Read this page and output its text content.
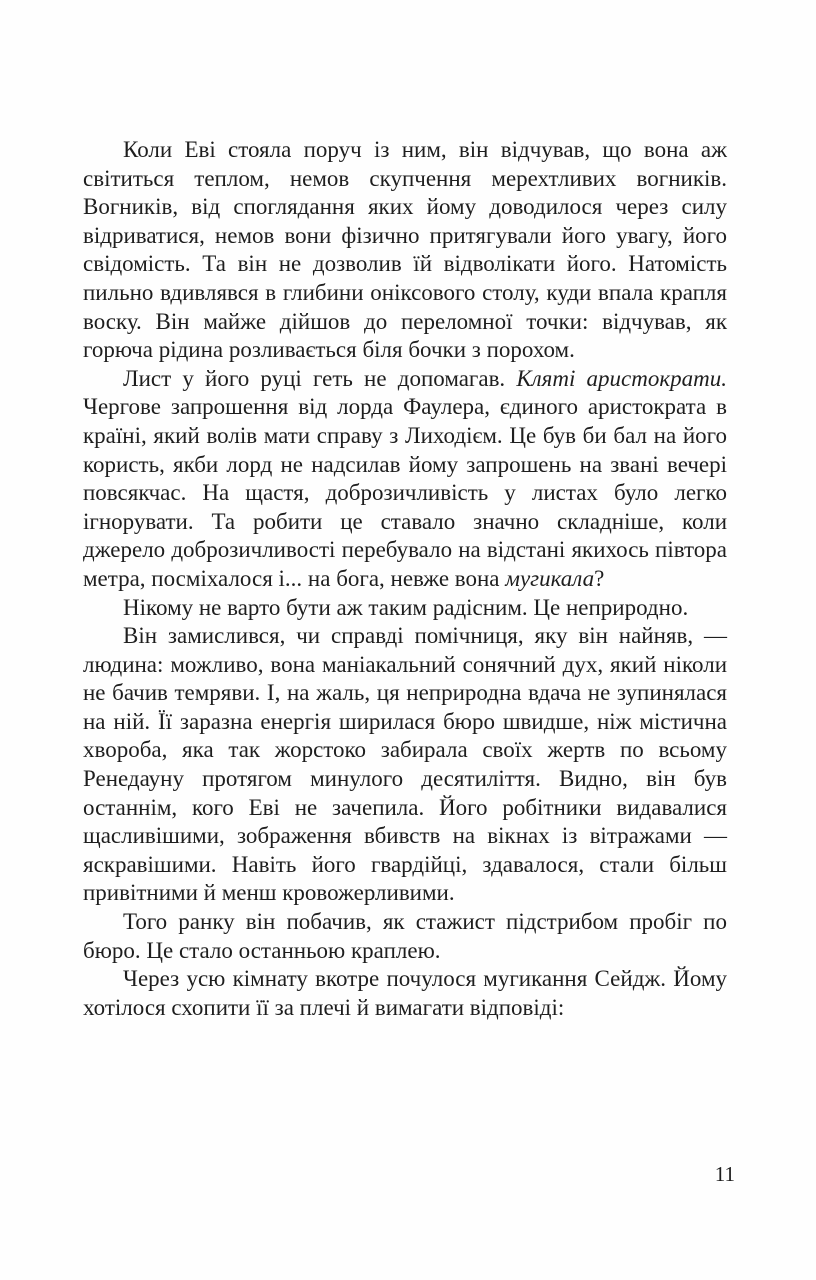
Коли Еві стояла поруч із ним, він відчував, що вона аж світиться теплом, немов скупчення мерехтливих вогників. Вогників, від споглядання яких йому доводилося через силу відриватися, немов вони фізично притягували його увагу, його свідомість. Та він не дозволив їй відволікати його. Натомість пильно вдивлявся в глибини оніксового столу, куди впала крапля воску. Він майже дійшов до переломної точки: відчував, як горюча рідина розливається біля бочки з порохом.

Лист у його руці геть не допомагав. Кляті аристократи. Чергове запрошення від лорда Фаулера, єдиного аристократа в країні, який волів мати справу з Лиходієм. Це був би бал на його користь, якби лорд не надсилав йому запрошень на звані вечері повсякчас. На щастя, доброзичливість у листах було легко ігнорувати. Та робити це ставало значно складніше, коли джерело доброзичливості перебувало на відстані якихось півтора метра, посміхалося і... на бога, невже вона мугикала?

Нікому не варто бути аж таким радісним. Це неприродно.

Він замислився, чи справді помічниця, яку він найняв, — людина: можливо, вона маніакальний сонячний дух, який ніколи не бачив темряви. І, на жаль, ця неприродна вдача не зупинялася на ній. Її заразна енергія ширилася бюро швидше, ніж містична хвороба, яка так жорстоко забирала своїх жертв по всьому Ренедауну протягом минулого десятиліття. Видно, він був останнім, кого Еві не зачепила. Його робітники видавалися щасливішими, зображення вбивств на вікнах із вітражами — яскравішими. Навіть його гвардійці, здавалося, стали більш привітними й менш кровожерливими.

Того ранку він побачив, як стажист підстрибом пробіг по бюро. Це стало останньою краплею.

Через усю кімнату вкотре почулося мугикання Сейдж. Йому хотілося схопити її за плечі й вимагати відповіді:

11
